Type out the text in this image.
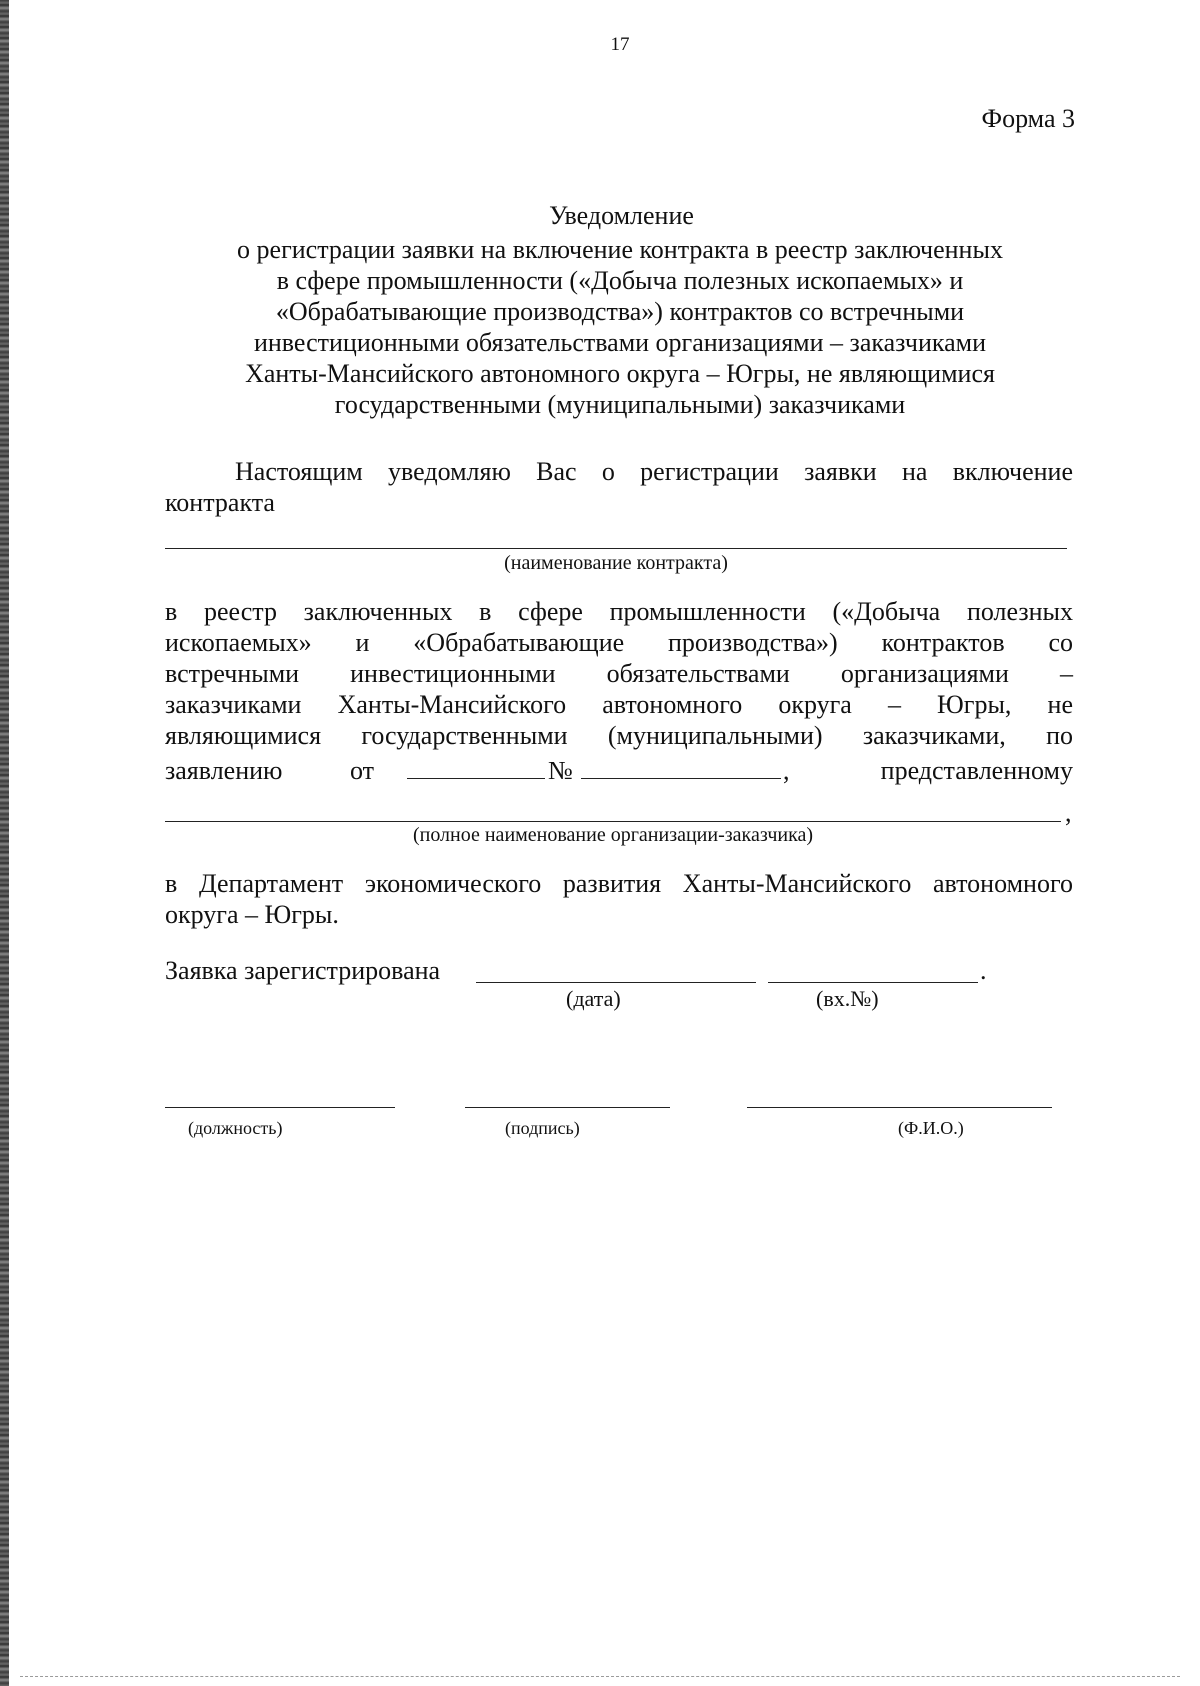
17
Форма 3
Уведомление
о регистрации заявки на включение контракта в реестр заключенных
в сфере промышленности («Добыча полезных ископаемых» и
«Обрабатывающие производства») контрактов со встречными
инвестиционными обязательствами организациями – заказчиками
Ханты-Мансийского автономного округа – Югры, не являющимися
государственными (муниципальными) заказчиками
Настоящим уведомляю Вас о регистрации заявки на включение
контракта
(наименование контракта)
в реестр заключенных в сфере промышленности («Добыча полезных
ископаемых» и «Обрабатывающие производства») контрактов со
встречными инвестиционными обязательствами организациями –
заказчиками Ханты-Мансийского автономного округа – Югры, не
являющимися государственными (муниципальными) заказчиками, по
заявлению	от	№	,	представленному
,
(полное наименование организации-заказчика)
в Департамент экономического развития Ханты-Мансийского автономного
округа – Югры.
Заявка зарегистрирована	.
(дата)	(вх.№)
(должность)	(подпись)	(Ф.И.О.)
